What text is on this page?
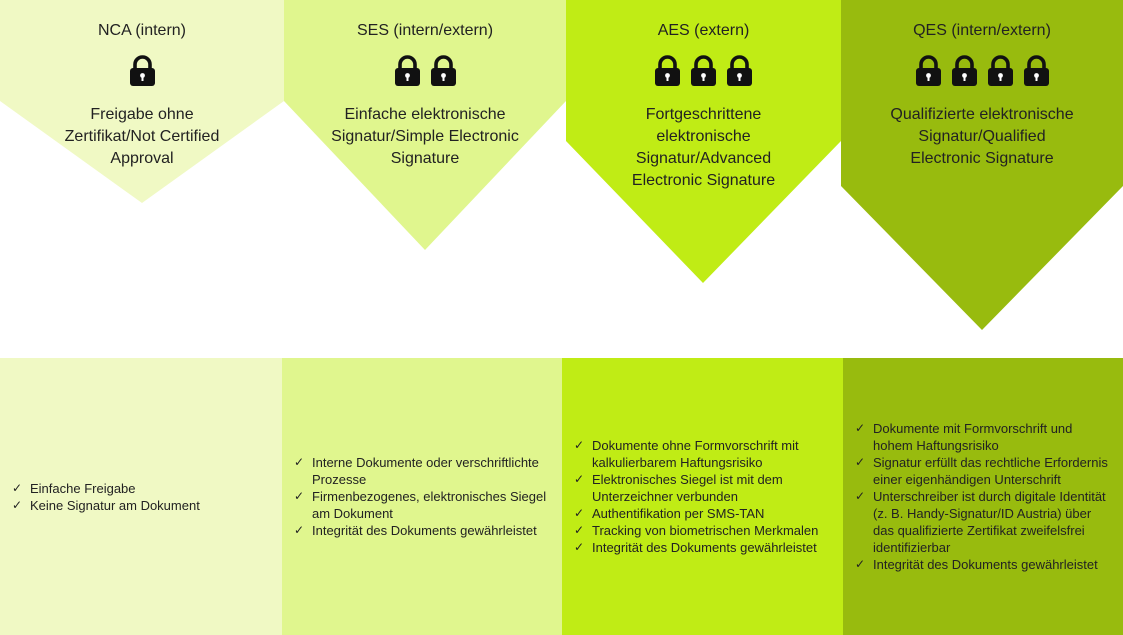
NCA (intern)
Freigabe ohne
Zertifikat/Not Certified
Approval
SES (intern/extern)
Einfache elektronische
Signatur/Simple Electronic
Signature
AES (extern)
Fortgeschrittene
elektronische
Signatur/Advanced
Electronic Signature
QES (intern/extern)
Qualifizierte elektronische
Signatur/Qualified
Electronic Signature
✓ Einfache Freigabe
✓ Keine Signatur am Dokument
✓ Interne Dokumente oder verschriftlichte Prozesse
✓ Firmenbezogenes, elektronisches Siegel am Dokument
✓ Integrität des Dokuments gewährleistet
✓ Dokumente ohne Formvorschrift mit kalkulierbarem Haftungsrisiko
✓ Elektronisches Siegel ist mit dem Unterzeichner verbunden
✓ Authentifikation per SMS-TAN
✓ Tracking von biometrischen Merkmalen
✓ Integrität des Dokuments gewährleistet
✓ Dokumente mit Formvorschrift und hohem Haftungsrisiko
✓ Signatur erfüllt das rechtliche Erfordernis einer eigenhändigen Unterschrift
✓ Unterschreiber ist durch digitale Identität (z. B. Handy-Signatur/ID Austria) über das qualifizierte Zertifikat zweifelsfrei identifizierbar
✓ Integrität des Dokuments gewährleistet
